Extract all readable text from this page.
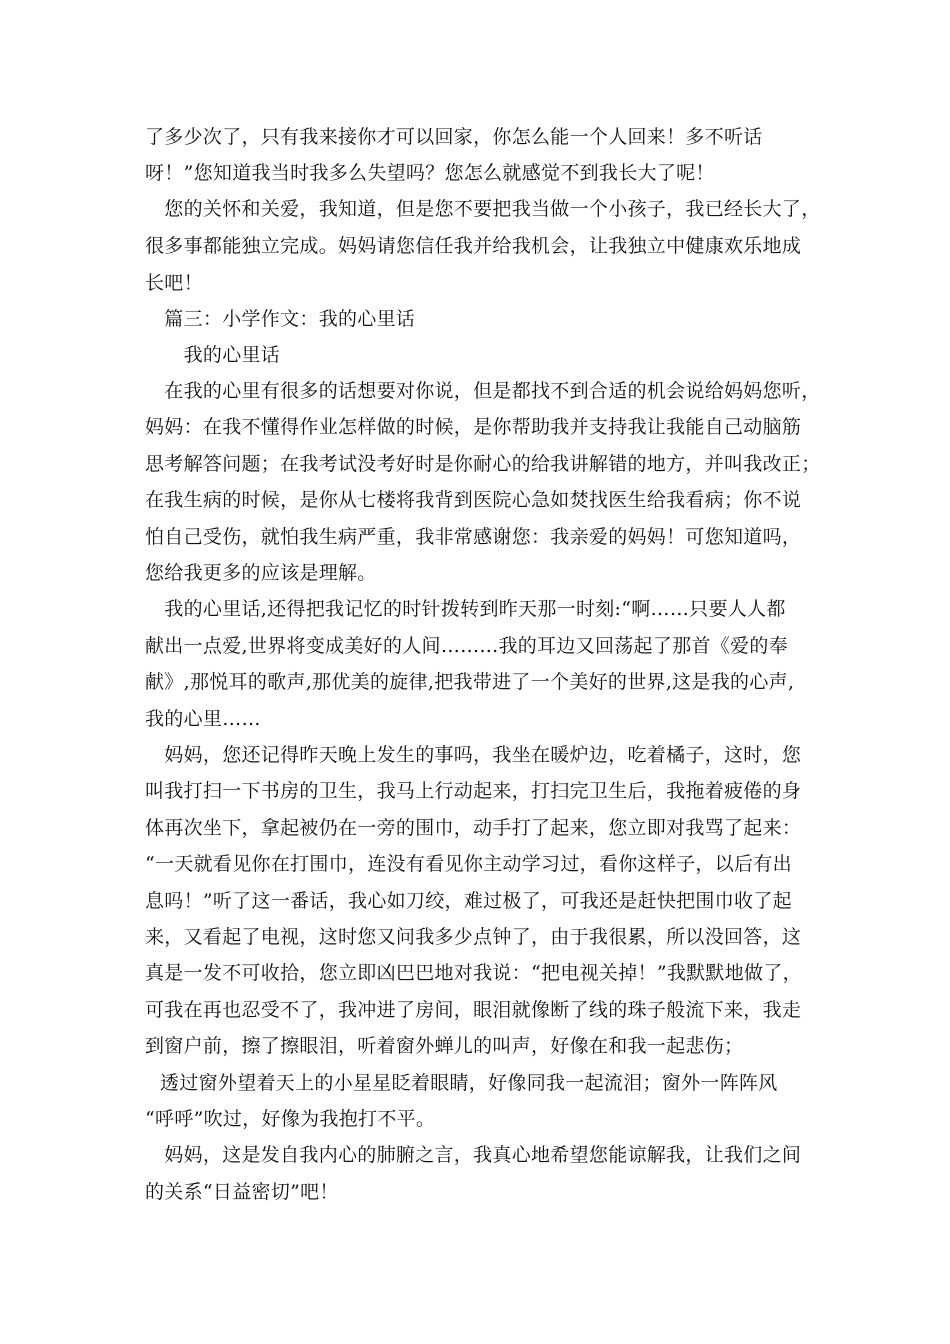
了多少次了，只有我来接你才可以回家，你怎么能一个人回来！多不听话
呀！”您知道我当时我多么失望吗？您怎么就感觉不到我长大了呢！
　您的关怀和关爱，我知道，但是您不要把我当做一个小孩子，我已经长大了，
很多事都能独立完成。妈妈请您信任我并给我机会，让我独立中健康欢乐地成
长吧！
　篇三：小学作文：我的心里话
　　我的心里话
　在我的心里有很多的话想要对你说，但是都找不到合适的机会说给妈妈您听，
妈妈：在我不懂得作业怎样做的时候，是你帮助我并支持我让我能自己动脑筋
思考解答问题；在我考试没考好时是你耐心的给我讲解错的地方，并叫我改正；
在我生病的时候，是你从七楼将我背到医院心急如焚找医生给我看病；你不说
怕自己受伤，就怕我生病严重，我非常感谢您：我亲爱的妈妈！可您知道吗，
您给我更多的应该是理解。
　我的心里话,还得把我记忆的时针拨转到昨天那一时刻:“啊……只要人人都
献出一点爱,世界将变成美好的人间……...我的耳边又回荡起了那首《爱的奉
献》,那悦耳的歌声,那优美的旋律,把我带进了一个美好的世界,这是我的心声,
我的心里……
　妈妈，您还记得昨天晚上发生的事吗，我坐在暖炉边，吃着橘子，这时，您
叫我打扫一下书房的卫生，我马上行动起来，打扫完卫生后，我拖着疲倦的身
体再次坐下，拿起被仍在一旁的围巾，动手打了起来，您立即对我骂了起来：
“一天就看见你在打围巾，连没有看见你主动学习过，看你这样子，以后有出
息吗！”听了这一番话，我心如刀绞，难过极了，可我还是赶快把围巾收了起
来，又看起了电视，这时您又问我多少点钟了，由于我很累，所以没回答，这
真是一发不可收拾，您立即凶巴巴地对我说：“把电视关掉！”我默默地做了，
可我在再也忍受不了，我冲进了房间，眼泪就像断了线的珠子般流下来，我走
到窗户前，擦了擦眼泪，听着窗外蝉儿的叫声，好像在和我一起悲伤；
透过窗外望着天上的小星星眨着眼睛，好像同我一起流泪；窗外一阵阵风
“呼呼”吹过，好像为我抱打不平。
　妈妈，这是发自我内心的肺腑之言，我真心地希望您能谅解我，让我们之间
的关系“日益密切”吧！
